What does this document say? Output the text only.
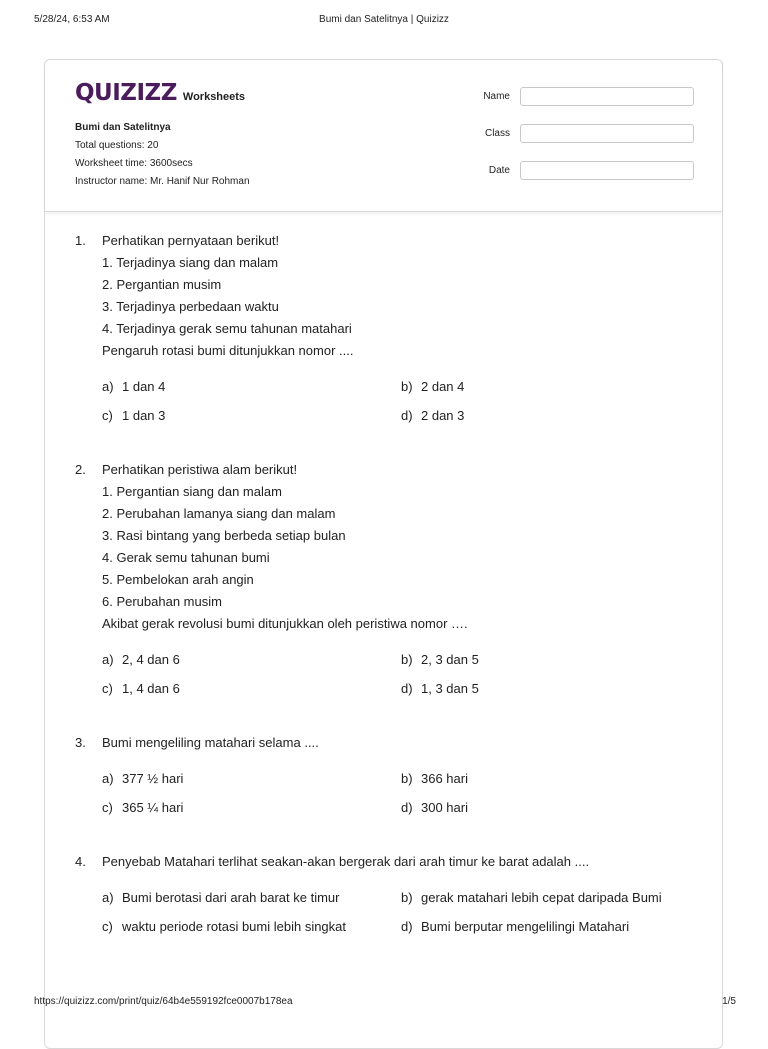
Bumi dan Satelitnya | Quizizz
5/28/24, 6:53 AM
QUIZIZZ Worksheets
Bumi dan Satelitnya
Total questions: 20
Worksheet time: 3600secs
Instructor name: Mr. Hanif Nur Rohman
Name
Class
Date
1.	Perhatikan pernyataan berikut!
1. Terjadinya siang dan malam
2. Pergantian musim
3. Terjadinya perbedaan waktu
4. Terjadinya gerak semu tahunan matahari
Pengaruh rotasi bumi ditunjukkan nomor ....
a) 1 dan 4	b) 2 dan 4
c) 1 dan 3	d) 2 dan 3
2.	Perhatikan peristiwa alam berikut!
1. Pergantian siang dan malam
2. Perubahan lamanya siang dan malam
3. Rasi bintang yang berbeda setiap bulan
4. Gerak semu tahunan bumi
5. Pembelokan arah angin
6. Perubahan musim
Akibat gerak revolusi bumi ditunjukkan oleh peristiwa nomor ….
a) 2, 4 dan 6	b) 2, 3 dan 5
c) 1, 4 dan 6	d) 1, 3 dan 5
3.	Bumi mengeliling matahari selama ....
a) 377 ½ hari	b) 366 hari
c) 365 ¼ hari	d) 300 hari
4.	Penyebab Matahari terlihat seakan-akan bergerak dari arah timur ke barat adalah ....
a) Bumi berotasi dari arah barat ke timur	b) gerak matahari lebih cepat daripada Bumi
c) waktu periode rotasi bumi lebih singkat	d) Bumi berputar mengelilingi Matahari
https://quizizz.com/print/quiz/64b4e559192fce0007b178ea	1/5
